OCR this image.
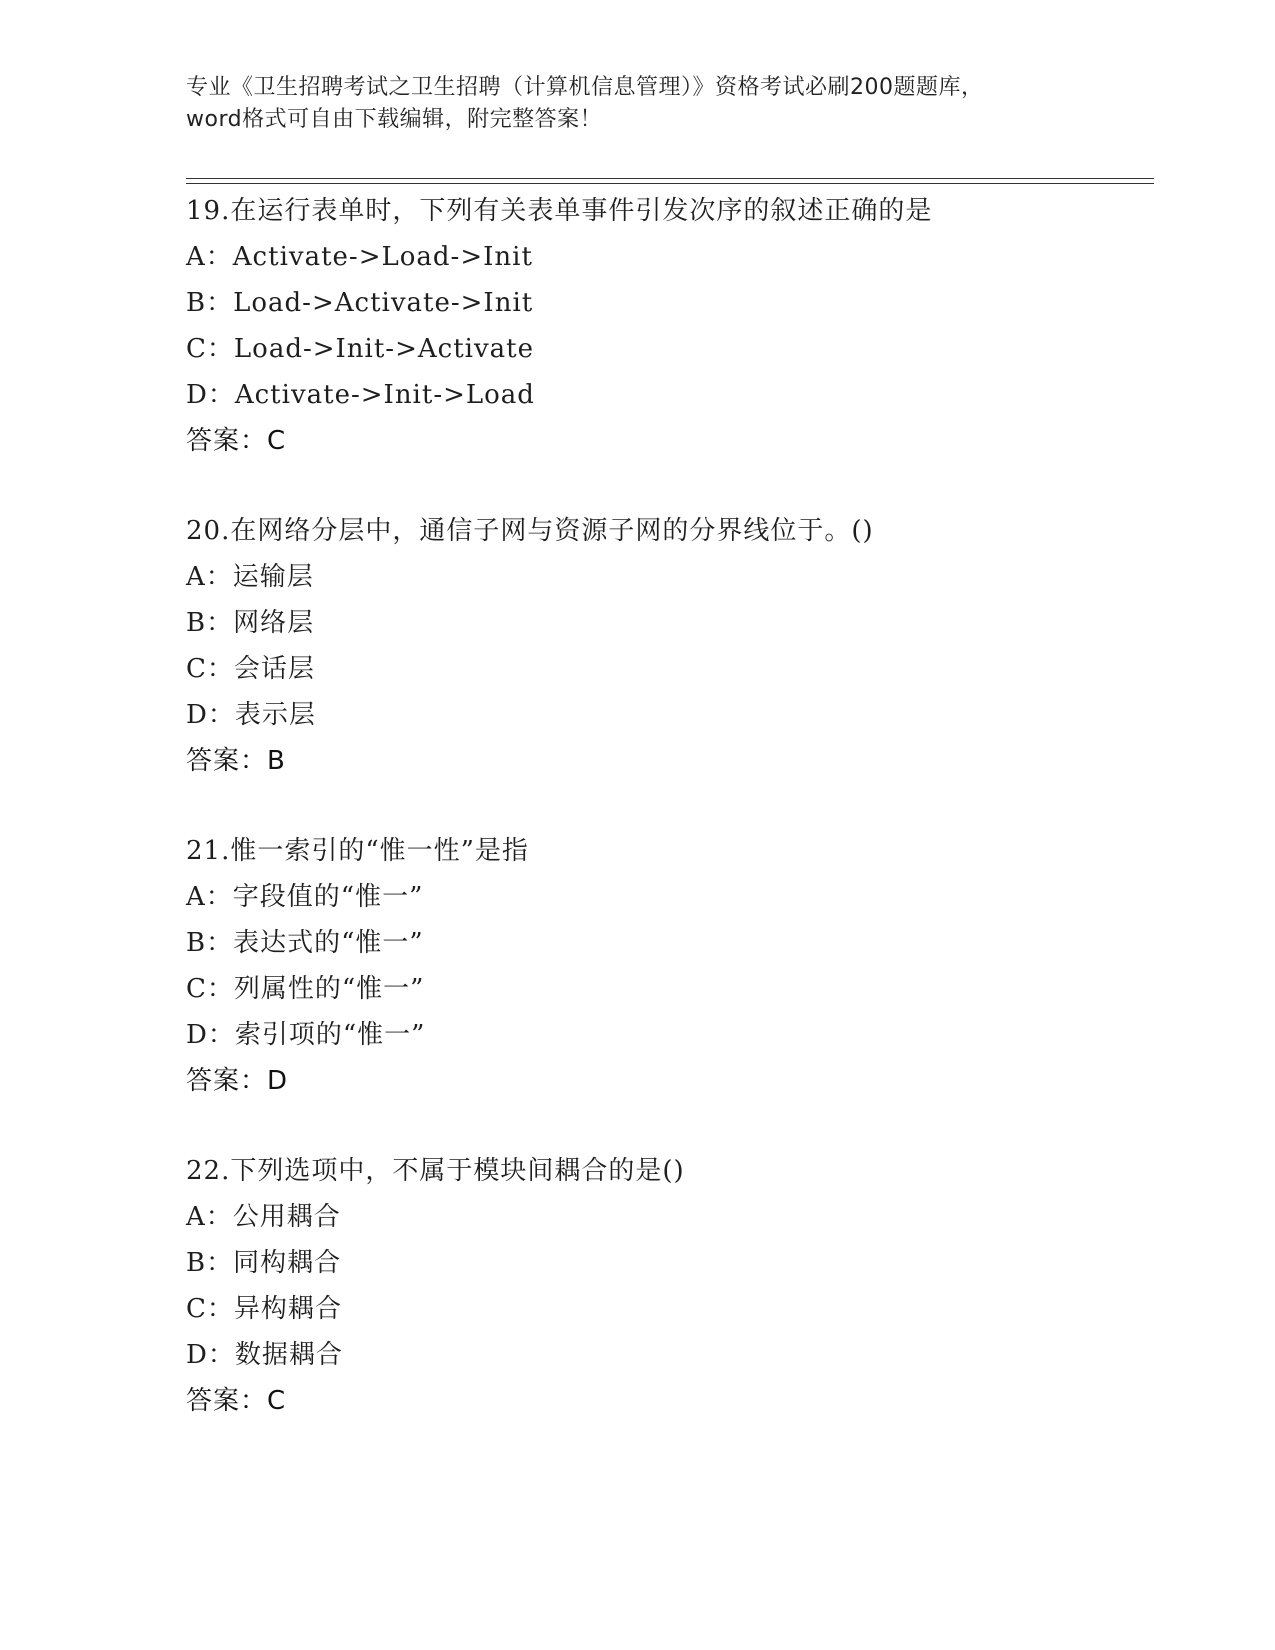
专业《卫生招聘考试之卫生招聘（计算机信息管理）》资格考试必刷200题题库，
word格式可自由下载编辑，附完整答案！
19.在运行表单时，下列有关表单事件引发次序的叙述正确的是
A：Activate->Load->Init
B：Load->Activate->Init
C：Load->Init->Activate
D：Activate->Init->Load
答案：C
20.在网络分层中，通信子网与资源子网的分界线位于。()
A：运输层
B：网络层
C：会话层
D：表示层
答案：B
21.惟一索引的“惟一性”是指
A：字段值的“惟一”
B：表达式的“惟一”
C：列属性的“惟一”
D：索引项的“惟一”
答案：D
22.下列选项中，不属于模块间耦合的是()
A：公用耦合
B：同构耦合
C：异构耦合
D：数据耦合
答案：C
